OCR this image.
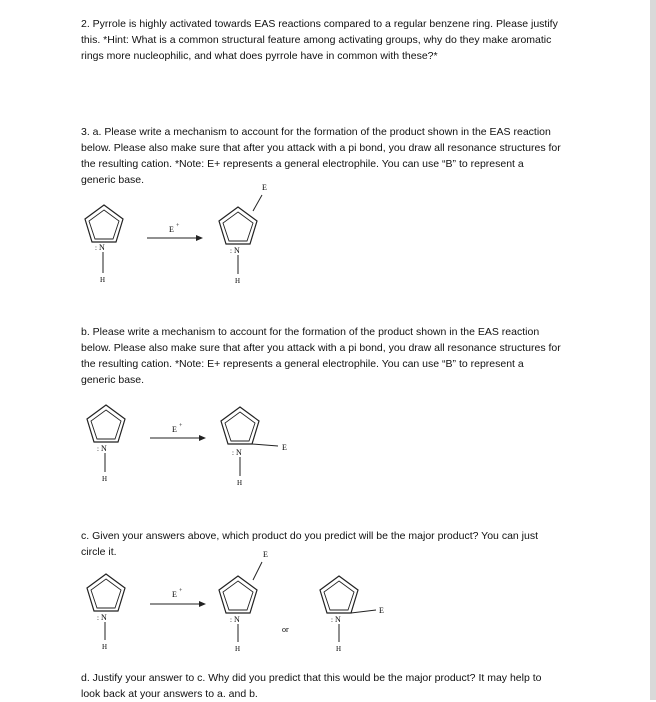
2. Pyrrole is highly activated towards EAS reactions compared to a regular benzene ring. Please justify
this. *Hint: What is a common structural feature among activating groups, why do they make aromatic
rings more nucleophilic, and what does pyrrole have in common with these?*

3. a. Please write a mechanism to account for the formation of the product shown in the EAS reaction
below. Please also make sure that after you attack with a pi bond, you draw all resonance structures for
the resulting cation. *Note: E+ represents a general electrophile. You can use “B” to represent a
generic base.

b. Please write a mechanism to account for the formation of the product shown in the EAS reaction
below. Please also make sure that after you attack with a pi bond, you draw all resonance structures for
the resulting cation. *Note: E+ represents a general electrophile. You can use “B” to represent a
generic base.

c. Given your answers above, which product do you predict will be the major product? You can just
circle it.

d. Justify your answer to c. Why did you predict that this would be the major product? It may help to
look back at your answers to a. and b.

N
:
H
E +
E
N
:
H
N
:
H
E +
E
N
:
H
N
:
H
E +
E
N
:
H
or
E
N
:
H
